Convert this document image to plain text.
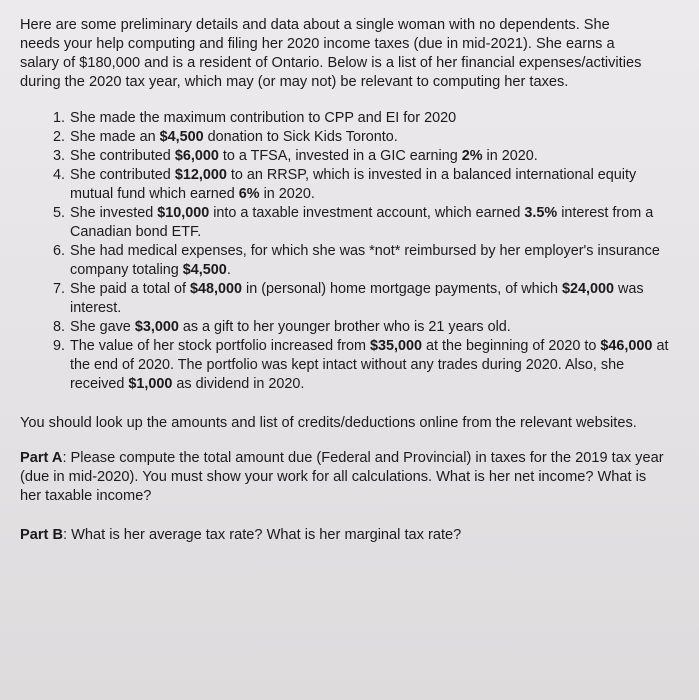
Here are some preliminary details and data about a single woman with no dependents. She needs your help computing and filing her 2020 income taxes (due in mid-2021). She earns a salary of $180,000 and is a resident of Ontario. Below is a list of her financial expenses/activities during the 2020 tax year, which may (or may not) be relevant to computing her taxes.

1. She made the maximum contribution to CPP and EI for 2020
2. She made an $4,500 donation to Sick Kids Toronto.
3. She contributed $6,000 to a TFSA, invested in a GIC earning 2% in 2020.
4. She contributed $12,000 to an RRSP, which is invested in a balanced international equity mutual fund which earned 6% in 2020.
5. She invested $10,000 into a taxable investment account, which earned 3.5% interest from a Canadian bond ETF.
6. She had medical expenses, for which she was *not* reimbursed by her employer's insurance company totaling $4,500.
7. She paid a total of $48,000 in (personal) home mortgage payments, of which $24,000 was interest.
8. She gave $3,000 as a gift to her younger brother who is 21 years old.
9. The value of her stock portfolio increased from $35,000 at the beginning of 2020 to $46,000 at the end of 2020. The portfolio was kept intact without any trades during 2020. Also, she received $1,000 as dividend in 2020.

You should look up the amounts and list of credits/deductions online from the relevant websites.

Part A: Please compute the total amount due (Federal and Provincial) in taxes for the 2019 tax year (due in mid-2020). You must show your work for all calculations. What is her net income? What is her taxable income?

Part B: What is her average tax rate? What is her marginal tax rate?
